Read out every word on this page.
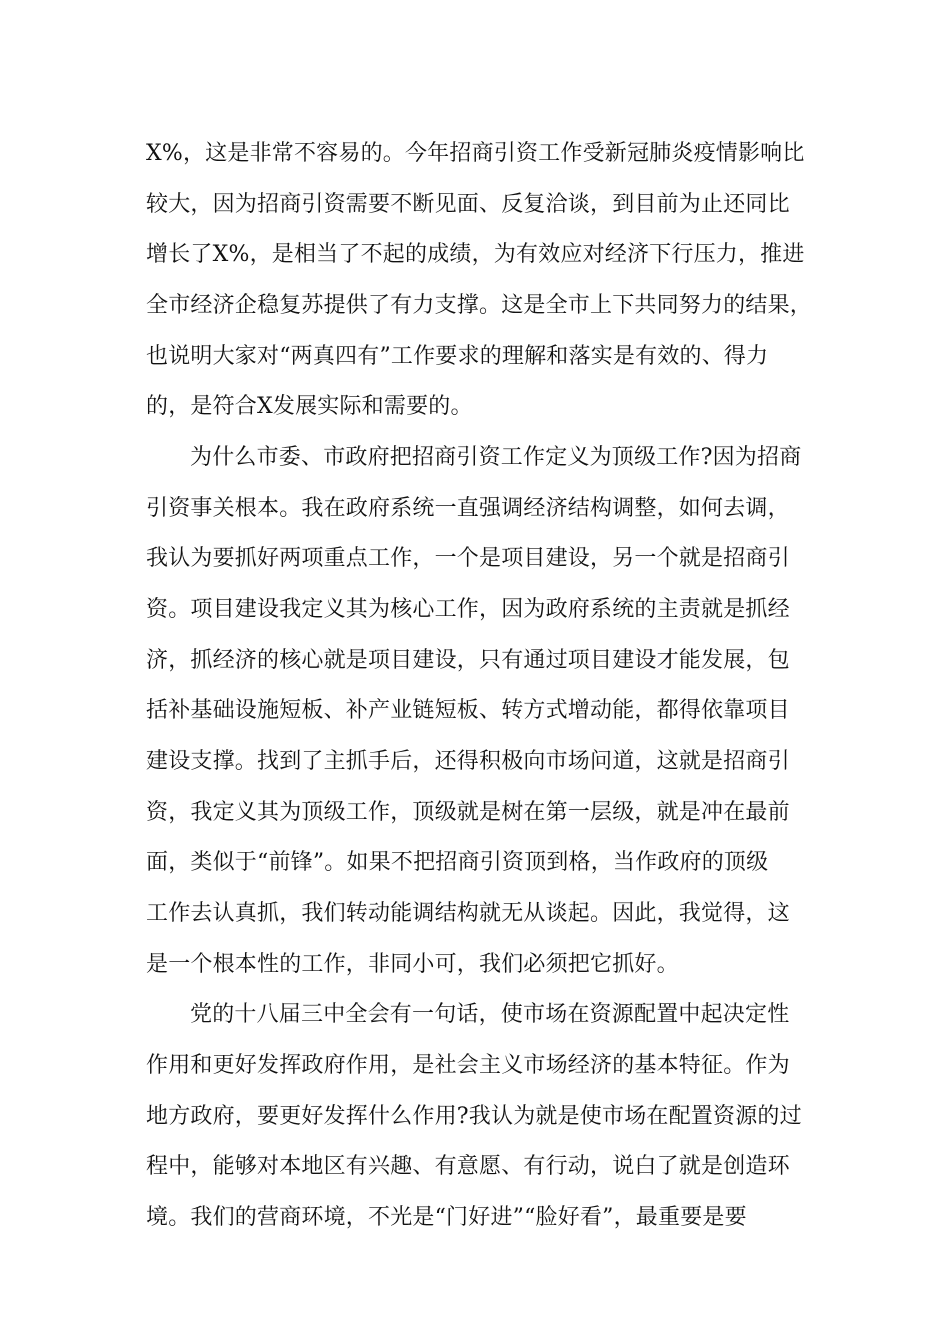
X%，这是非常不容易的。今年招商引资工作受新冠肺炎疫情影响比
较大，因为招商引资需要不断见面、反复洽谈，到目前为止还同比
增长了X%，是相当了不起的成绩，为有效应对经济下行压力，推进
全市经济企稳复苏提供了有力支撑。这是全市上下共同努力的结果，
也说明大家对“两真四有”工作要求的理解和落实是有效的、得力
的，是符合X发展实际和需要的。
为什么市委、市政府把招商引资工作定义为顶级工作?因为招商
引资事关根本。我在政府系统一直强调经济结构调整，如何去调，
我认为要抓好两项重点工作，一个是项目建设，另一个就是招商引
资。项目建设我定义其为核心工作，因为政府系统的主责就是抓经
济，抓经济的核心就是项目建设，只有通过项目建设才能发展，包
括补基础设施短板、补产业链短板、转方式增动能，都得依靠项目
建设支撑。找到了主抓手后，还得积极向市场问道，这就是招商引
资，我定义其为顶级工作，顶级就是树在第一层级，就是冲在最前
面，类似于“前锋”。如果不把招商引资顶到格，当作政府的顶级
工作去认真抓，我们转动能调结构就无从谈起。因此，我觉得，这
是一个根本性的工作，非同小可，我们必须把它抓好。
党的十八届三中全会有一句话，使市场在资源配置中起决定性
作用和更好发挥政府作用，是社会主义市场经济的基本特征。作为
地方政府，要更好发挥什么作用?我认为就是使市场在配置资源的过
程中，能够对本地区有兴趣、有意愿、有行动，说白了就是创造环
境。我们的营商环境，不光是“门好进”“脸好看”，最重要是要
